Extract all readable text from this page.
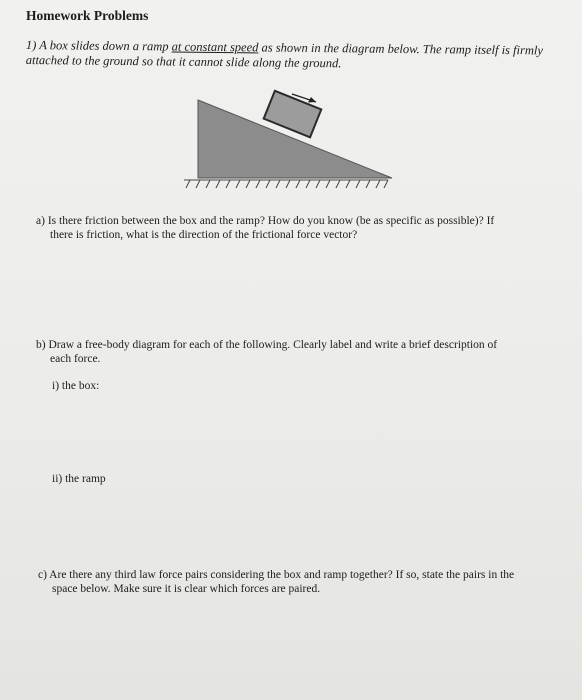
Homework Problems

1) A box slides down a ramp at constant speed as shown in the diagram below. The ramp itself is firmly attached to the ground so that it cannot slide along the ground.

a) Is there friction between the box and the ramp? How do you know (be as specific as possible)? If
there is friction, what is the direction of the frictional force vector?

b) Draw a free-body diagram for each of the following. Clearly label and write a brief description of
each force.

i) the box:

ii) the ramp

c) Are there any third law force pairs considering the box and ramp together? If so, state the pairs in the
space below. Make sure it is clear which forces are paired.
